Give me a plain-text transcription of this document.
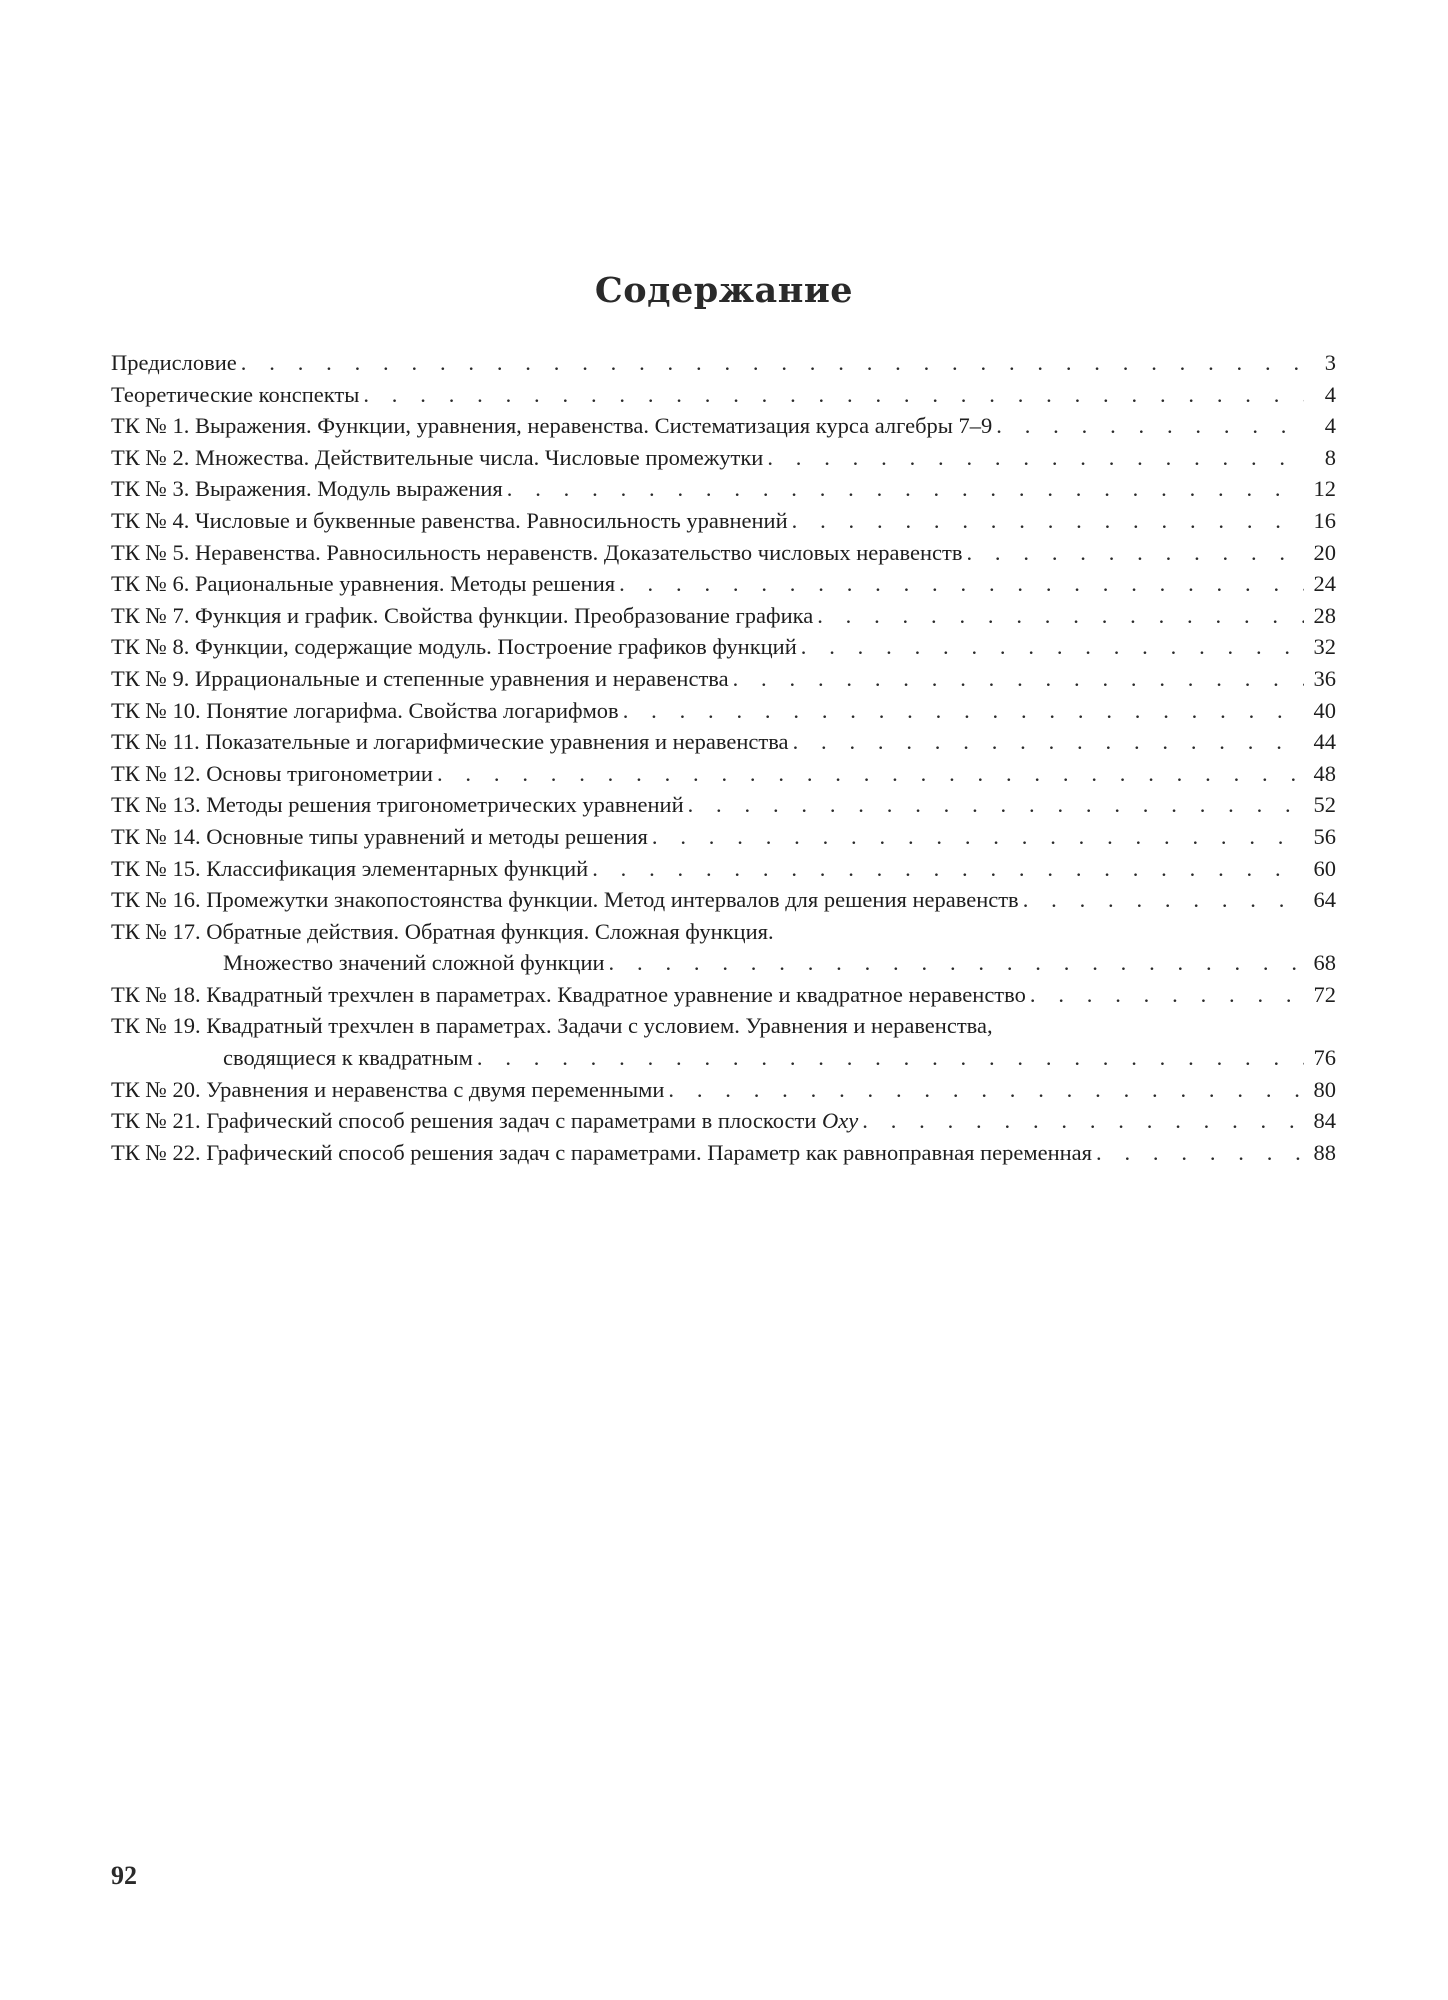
Содержание
Предисловие . . .	3
Теоретические конспекты . . .	4
ТК № 1. Выражения. Функции, уравнения, неравенства. Систематизация курса алгебры 7–9 . . .	4
ТК № 2. Множества. Действительные числа. Числовые промежутки . . .	8
ТК № 3. Выражения. Модуль выражения . . .	12
ТК № 4. Числовые и буквенные равенства. Равносильность уравнений . . .	16
ТК № 5. Неравенства. Равносильность неравенств. Доказательство числовых неравенств . . .	20
ТК № 6. Рациональные уравнения. Методы решения . . .	24
ТК № 7. Функция и график. Свойства функции. Преобразование графика . . .	28
ТК № 8. Функции, содержащие модуль. Построение графиков функций . . .	32
ТК № 9. Иррациональные и степенные уравнения и неравенства . . .	36
ТК № 10. Понятие логарифма. Свойства логарифмов . . .	40
ТК № 11. Показательные и логарифмические уравнения и неравенства . . .	44
ТК № 12. Основы тригонометрии . . .	48
ТК № 13. Методы решения тригонометрических уравнений . . .	52
ТК № 14. Основные типы уравнений и методы решения . . .	56
ТК № 15. Классификация элементарных функций . . .	60
ТК № 16. Промежутки знакопостоянства функции. Метод интервалов для решения неравенств . . .	64
ТК № 17. Обратные действия. Обратная функция. Сложная функция.
Множество значений сложной функции . . .	68
ТК № 18. Квадратный трехчлен в параметрах. Квадратное уравнение и квадратное неравенство . . .	72
ТК № 19. Квадратный трехчлен в параметрах. Задачи с условием. Уравнения и неравенства,
сводящиеся к квадратным . . .	76
ТК № 20. Уравнения и неравенства с двумя переменными . . .	80
ТК № 21. Графический способ решения задач с параметрами в плоскости Oxy . . .	84
ТК № 22. Графический способ решения задач с параметрами. Параметр как равноправная переменная . . .	88
92
